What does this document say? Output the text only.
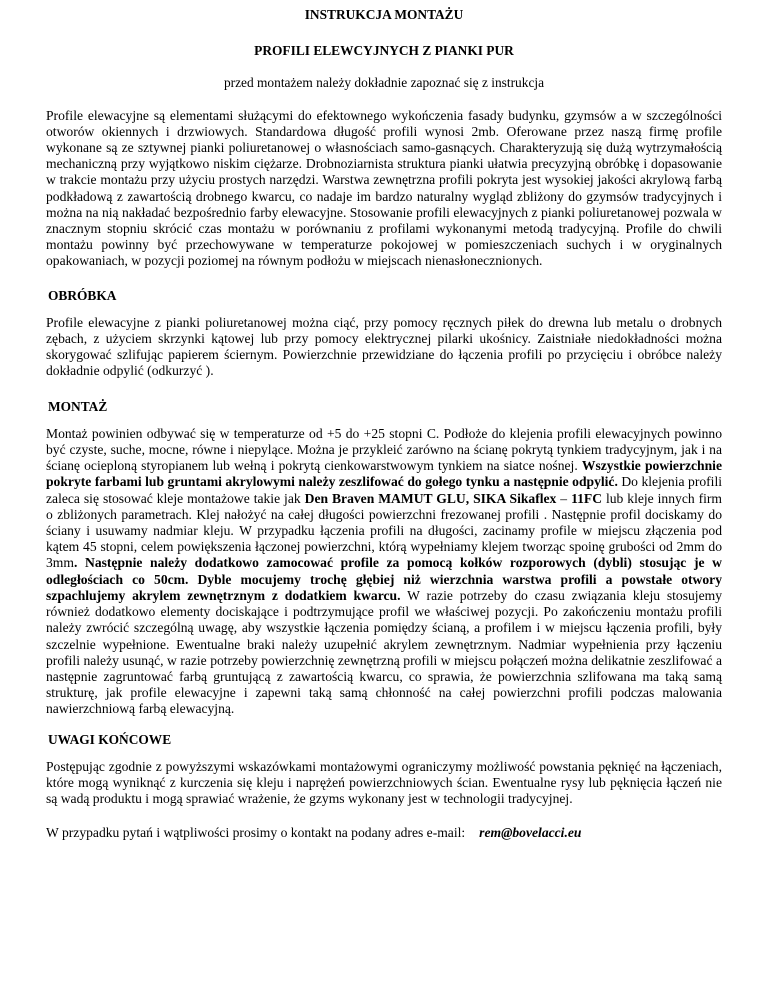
INSTRUKCJA MONTAŻU
PROFILI ELEWCYJNYCH Z PIANKI PUR
przed montażem należy dokładnie zapoznać się z instrukcja

Profile elewacyjne są elementami służącymi do efektownego wykończenia fasady budynku, gzymsów a w szczególności otworów okiennych i drzwiowych. Standardowa długość profili wynosi 2mb. Oferowane przez naszą firmę profile wykonane są ze sztywnej pianki poliuretanowej o własnościach samo-gasnących. Charakteryzują się dużą wytrzymałością mechaniczną przy wyjątkowo niskim ciężarze. Drobnoziarnista struktura pianki ułatwia precyzyjną obróbkę i dopasowanie w trakcie montażu przy użyciu prostych narzędzi. Warstwa zewnętrzna profili pokryta jest wysokiej jakości akrylową farbą podkładową z zawartością drobnego kwarcu, co nadaje im bardzo naturalny wygląd zbliżony do gzymsów tradycyjnych i można na nią nakładać bezpośrednio farby elewacyjne. Stosowanie profili elewacyjnych z pianki poliuretanowej pozwala w znacznym stopniu skrócić czas montażu w porównaniu z profilami wykonanymi metodą tradycyjną. Profile do chwili montażu powinny być przechowywane w temperaturze pokojowej w pomieszczeniach suchych i w oryginalnych opakowaniach, w pozycji poziomej na równym podłożu w miejscach nienasłonecznionych.

OBRÓBKA

Profile elewacyjne z pianki poliuretanowej można ciąć, przy pomocy ręcznych piłek do drewna lub metalu o drobnych zębach, z użyciem skrzynki kątowej lub przy pomocy elektrycznej pilarki ukośnicy. Zaistniałe niedokładności można skorygować szlifując papierem ściernym. Powierzchnie przewidziane do łączenia profili po przycięciu i obróbce należy dokładnie odpylić (odkurzyć ).

MONTAŻ

Montaż powinien odbywać się w temperaturze od +5 do +25 stopni C. Podłoże do klejenia profili elewacyjnych powinno być czyste, suche, mocne, równe i niepylące. Można je przykleić zarówno na ścianę pokrytą tynkiem tradycyjnym, jak i na ścianę ocieploną styropianem lub wełną i pokrytą cienkowarstwowym tynkiem na siatce nośnej. Wszystkie powierzchnie pokryte farbami lub gruntami akrylowymi należy zeszlifować do gołego tynku a następnie odpylić. Do klejenia profili zaleca się stosować kleje montażowe takie jak Den Braven MAMUT GLU, SIKA Sikaflex – 11FC lub kleje innych firm o zbliżonych parametrach. Klej nałożyć na całej długości powierzchni frezowanej profili . Następnie profil dociskamy do ściany i usuwamy nadmiar kleju. W przypadku łączenia profili na długości, zacinamy profile w miejscu złączenia pod kątem 45 stopni, celem powiększenia łączonej powierzchni, którą wypełniamy klejem tworząc spoinę grubości od 2mm do 3mm. Następnie należy dodatkowo zamocować profile za pomocą kołków rozporowych (dybli) stosując je w odległościach co 50cm. Dyble mocujemy trochę głębiej niż wierzchnia warstwa profili a powstałe otwory szpachlujemy akrylem zewnętrznym z dodatkiem kwarcu. W razie potrzeby do czasu związania kleju stosujemy również dodatkowo elementy dociskające i podtrzymujące profil we właściwej pozycji. Po zakończeniu montażu profili należy zwrócić szczególną uwagę, aby wszystkie łączenia pomiędzy ścianą, a profilem i w miejscu łączenia profili, były szczelnie wypełnione. Ewentualne braki należy uzupełnić akrylem zewnętrznym. Nadmiar wypełnienia przy łączeniu profili należy usunąć, w razie potrzeby powierzchnię zewnętrzną profili w miejscu połączeń można delikatnie zeszlifować a następnie zagruntować farbą gruntującą z zawartością kwarcu, co sprawia, że powierzchnia szlifowana ma taką samą strukturę, jak profile elewacyjne i zapewni taką samą chłonność na całej powierzchni profili podczas malowania nawierzchniową farbą elewacyjną.

UWAGI KOŃCOWE

Postępując zgodnie z powyższymi wskazówkami montażowymi ograniczymy możliwość powstania pęknięć na łączeniach, które mogą wyniknąć z kurczenia się kleju i naprężeń powierzchniowych ścian. Ewentualne rysy lub pęknięcia łączeń nie są wadą produktu i mogą sprawiać wrażenie, że gzyms wykonany jest w technologii tradycyjnej.

W przypadku pytań i wątpliwości prosimy o kontakt na podany adres e-mail: rem@bovelacci.eu
